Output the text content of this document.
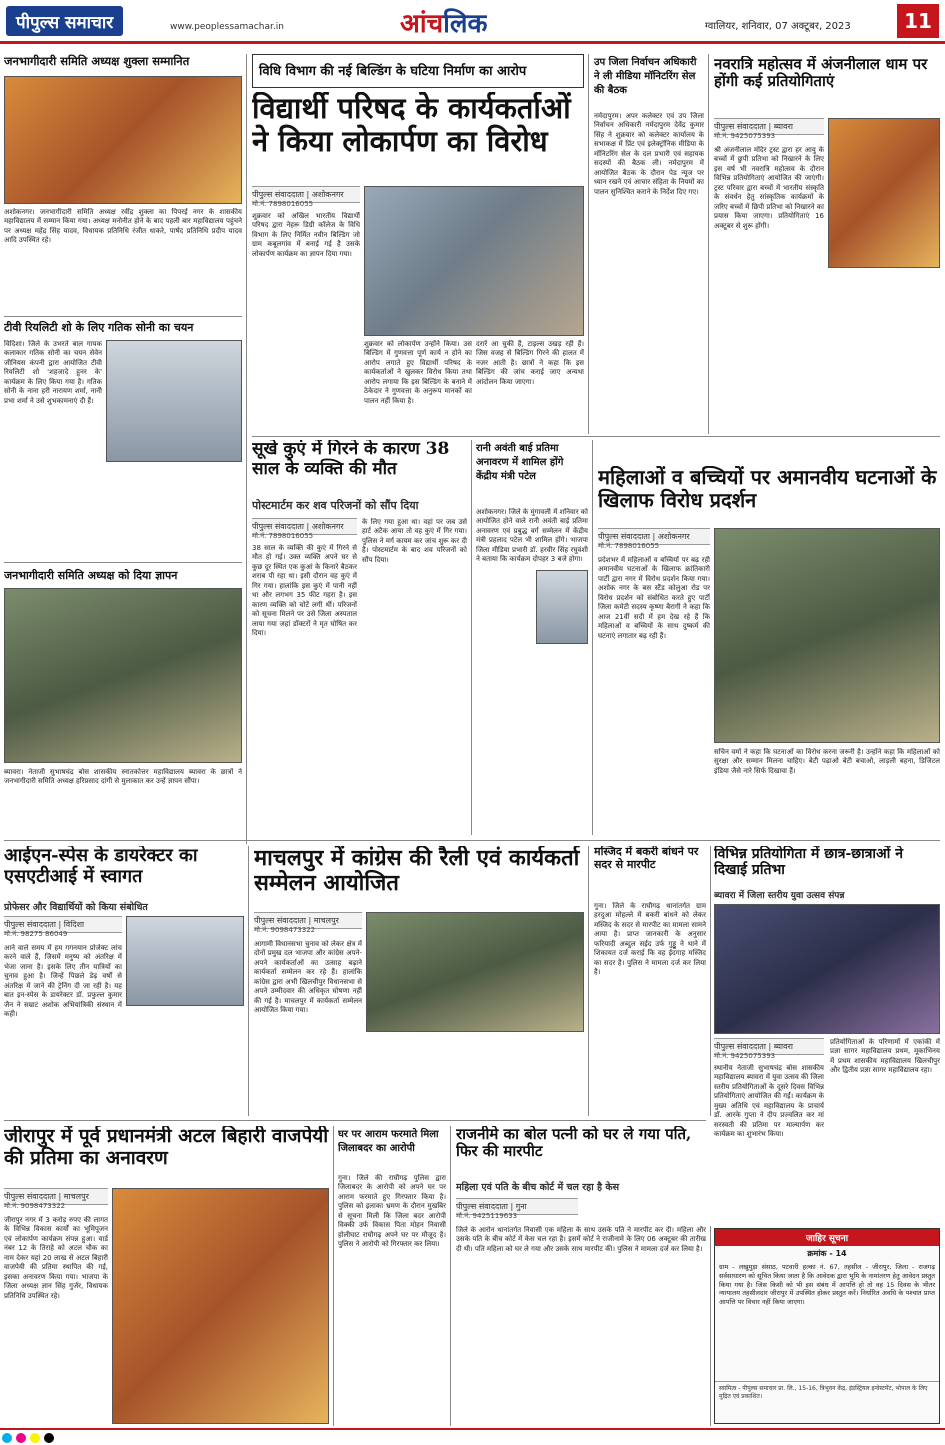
पीपुल्स समाचार	www.peoplessamachar.in	आंचलिक	ग्वालियर, शनिवार, 07 अक्टूबर, 2023	11
जनभागीदारी समिति अध्यक्ष शुक्ला सम्मानित
अशोकनगर। जनभागीदारी समिति अध्यक्ष रवींद्र शुक्ला का पिपरई नगर के शासकीय महाविद्यालय में सम्मान किया गया। अध्यक्ष मनोनीत होने के बाद पहली बार महाविद्यालय पहुंचने पर अध्यक्ष महेंद्र सिंह यादव, विधायक प्रतिनिधि रंजीत धाकरे, पार्षद प्रतिनिधि प्रदीप यादव आदि उपस्थित रहे।
टीवी रियलिटी शो के लिए गतिक सोनी का चयन
विदिशा। जिले के उभरते बाल गायक कलाकार गतिक सोनी का चयन सेवेन जीनियस कंपनी द्वारा आयोजित टीवी रियलिटी शो 'शहजादे हुनर के' कार्यक्रम के लिए किया गया है। गतिक सोनी के नाना हरी नारायण शर्मा, नानी प्रभा शर्मा ने उसे शुभकामनाएं दी हैं।
जनभागीदारी समिति अध्यक्ष को दिया ज्ञापन
ब्यावरा। नेताजी सुभाषचंद्र बोस शासकीय स्नातकोत्तर महाविद्यालय ब्यावरा के छात्रों ने जनभागीदारी समिति अध्यक्ष हरिप्रसाद दांगी से मुलाकात कर उन्हें ज्ञापन सौंपा।
विधि विभाग की नई बिल्डिंग के घटिया निर्माण का आरोप
विद्यार्थी परिषद के कार्यकर्ताओं ने किया लोकार्पण का विरोध
पीपुल्स संवाददाता | अशोकनगर
मो.नं. 7898016055
शुक्रवार को अखिल भारतीय विद्यार्थी परिषद द्वारा नेहरू डिग्री कॉलेज के विधि विभाग के लिए निर्मित नवीन बिल्डिंग जो ग्राम कबूलगांव में बनाई गई है उसके लोकार्पण कार्यक्रम का ज्ञापन दिया गया।
शुक्रवार को लोकार्पण उन्होंने किया। उस बिल्डिंग में गुणवत्ता पूर्ण कार्य न होने का आरोप लगाते हुए विद्यार्थी परिषद के कार्यकर्ताओं ने खुलकर विरोध किया तथा आरोप लगाया कि इस बिल्डिंग के बनाने में ठेकेदार ने गुणवत्ता के अनुरूप मानकों का पालन नहीं किया है।
दरारें आ चुकी हैं, टाइल्स उखड़ रही हैं। जिस वजह से बिल्डिंग गिरने की हालत में नजर आती है। छात्रों ने कहा कि इस बिल्डिंग की जांच कराई जाए अन्यथा आंदोलन किया जाएगा।
उप जिला निर्वाचन अधिकारी ने ली मीडिया मॉनिटरिंग सेल की बैठक
नर्मदापुरम। अपर कलेक्टर एवं उप जिला निर्वाचन अधिकारी नर्मदापुरम देवेंद्र कुमार सिंह ने शुक्रवार को कलेक्टर कार्यालय के सभाकक्ष में प्रिंट एवं इलेक्ट्रॉनिक मीडिया के मॉनिटरिंग सेल के दल प्रभारी एवं सहायक सदस्यों की बैठक ली। नर्मदापुरम में आयोजित बैठक के दौरान पेड न्यूज पर ध्यान रखने एवं आचार संहिता के नियमों का पालन सुनिश्चित कराने के निर्देश दिए गए।
नवरात्रि महोत्सव में अंजनीलाल धाम पर होंगी कई प्रतियोगिताएं
पीपुल्स संवाददाता | ब्यावरा
मो.नं. 9425075393
श्री अंजनीलाल मंदिर ट्रस्ट द्वारा हर आयु के बच्चों में छुपी प्रतिभा को निखारने के लिए इस वर्ष भी नवरात्रि महोत्सव के दौरान विभिन्न प्रतियोगिताएं आयोजित की जाएंगी। ट्रस्ट परिवार द्वारा बच्चों में भारतीय संस्कृति के संवर्धन हेतु सांस्कृतिक कार्यक्रमों के जरिए बच्चों में छिपी प्रतिभा को निखारने का प्रयास किया जाएगा। प्रतियोगिताएं 16 अक्टूबर से शुरू होंगी।
सूखे कुएं में गिरने के कारण 38 साल के व्यक्ति की मौत
पोस्टमार्टम कर शव परिजनों को सौंप दिया
पीपुल्स संवाददाता | अशोकनगर
मो.नं. 7898016055
38 साल के व्यक्ति की कुएं में गिरने से मौत हो गई। उक्त व्यक्ति अपने घर से कुछ दूर स्थित एक कुआं के किनारे बैठकर शराब पी रहा था। इसी दौरान वह कुएं में गिर गया। हालांकि इस कुएं में पानी नहीं था और लगभग 35 फीट गहरा है। इस कारण व्यक्ति को चोटें लगी थीं। परिजनों को सूचना मिलने पर उसे जिला अस्पताल लाया गया जहां डॉक्टरों ने मृत घोषित कर दिया।
के लिए गया हुआ था। वहां पर जब उसे हार्ट अटैक आया तो वह कुएं में गिर गया। पुलिस ने मर्ग कायम कर जांच शुरू कर दी है। पोस्टमार्टम के बाद शव परिजनों को सौंप दिया।
रानी अवंती बाई प्रतिमा अनावरण में शामिल होंगे केंद्रीय मंत्री पटेल
अशोकनगर। जिले के मुंगावली में शनिवार को आयोजित होने वाले रानी अवंती बाई प्रतिमा अनावरण एवं प्रबुद्ध वर्ग सम्मेलन में केंद्रीय मंत्री प्रहलाद पटेल भी शामिल होंगे। भाजपा जिला मीडिया प्रभारी डॉ. हरवीर सिंह रघुवंशी ने बताया कि कार्यक्रम दोपहर 3 बजे होगा।
महिलाओं व बच्चियों पर अमानवीय घटनाओं के खिलाफ विरोध प्रदर्शन
पीपुल्स संवाददाता | अशोकनगर
मो.नं. 7898016055
प्रदेशभर में महिलाओं व बच्चियों पर बढ़ रही अमानवीय घटनाओं के खिलाफ क्रांतिकारी पार्टी द्वारा नगर में विरोध प्रदर्शन किया गया। अशोक नगर के बस स्टैंड कोलुआ रोड पर विरोध प्रदर्शन को संबोधित करते हुए पार्टी जिला कमेटी सदस्य कृष्णा बैरागी ने कहा कि आज 21वीं सदी में हम देख रहे हैं कि महिलाओं व बच्चियों के साथ दुष्कर्म की घटनाएं लगातार बढ़ रही हैं।
सचिन वर्मा ने कहा कि घटनाओं का विरोध करना जरूरी है। उन्होंने कहा कि महिलाओं को सुरक्षा और सम्मान मिलना चाहिए। बेटी पढ़ाओ बेटी बचाओ, लाड़ली बहना, डिजिटल इंडिया जैसे नारे सिर्फ दिखावा हैं।
आईएन-स्पेस के डायरेक्टर का एसएटीआई में स्वागत
प्रोफेसर और विद्यार्थियों को किया संबोधित
पीपुल्स संवाददाता | विदिशा
मो.नं. 98275 86049
आने वाले समय में हम गगनयान प्रोजेक्ट लांच करने वाले हैं, जिसमें मनुष्य को अंतरिक्ष में भेजा जाना है। इसके लिए तीन यात्रियों का चुनाव हुआ है। जिन्हें पिछले डेढ़ वर्षों से अंतरिक्ष में जाने की ट्रेनिंग दी जा रही है। यह बात इन-स्पेस के डायरेक्टर डॉ. प्रफुल्ल कुमार जैन ने सम्राट अशोक अभियांत्रिकी संस्थान में कही।
माचलपुर में कांग्रेस की रैली एवं कार्यकर्ता सम्मेलन आयोजित
पीपुल्स संवाददाता | माचलपुर
मो.नं. 9098473322
आगामी विधानसभा चुनाव को लेकर क्षेत्र में दोनों प्रमुख दल भाजपा और कांग्रेस अपने-अपने कार्यकर्ताओं का उत्साह बढ़ाने कार्यकर्ता सम्मेलन कर रहे हैं। हालांकि कांग्रेस द्वारा अभी खिलचीपुर विधानसभा से अपने उम्मीदवार की अधिकृत घोषणा नहीं की गई है। माचलपुर में कार्यकर्ता सम्मेलन आयोजित किया गया।
मस्जिद में बकरी बांधने पर सदर से मारपीट
गुना। जिले के राघौगढ़ थानांतर्गत ग्राम हरदुआ मोहल्ले में बकरी बांधने को लेकर मस्जिद के सदर से मारपीट का मामला सामने आया है। प्राप्त जानकारी के अनुसार फरियादी अब्दुल सईद उर्फ गुड्डू ने थाने में शिकायत दर्ज कराई कि वह ईदगाह मस्जिद का सदर है। पुलिस ने मामला दर्ज कर लिया है।
विभिन्न प्रतियोगिता में छात्र-छात्राओं ने दिखाई प्रतिभा
ब्यावरा में जिला स्तरीय युवा उत्सव संपन्न
पीपुल्स संवाददाता | ब्यावरा
मो.नं. 9425075393
स्थानीय नेताजी सुभाषचंद्र बोस शासकीय महाविद्यालय ब्यावरा में युवा उत्सव की जिला स्तरीय प्रतियोगिताओं के दूसरे दिवस विभिन्न प्रतियोगिताएं आयोजित की गईं। कार्यक्रम के मुख्य अतिथि एवं महाविद्यालय के प्राचार्य डॉ. आरके गुप्ता ने दीप प्रज्वलित कर मां सरस्वती की प्रतिमा पर माल्यार्पण कर कार्यक्रम का शुभारंभ किया।
प्रतियोगिताओं के परिणामों में एकांकी में प्रज्ञा सागर महाविद्यालय प्रथम, मूकाभिनय में प्रथम शासकीय महाविद्यालय खिलचीपुर और द्वितीय प्रज्ञा सागर महाविद्यालय रहा।
जीरापुर में पूर्व प्रधानमंत्री अटल बिहारी वाजपेयी की प्रतिमा का अनावरण
पीपुल्स संवाददाता | माचलपुर
मो.नं. 9098473322
जीरापुर नगर में 3 करोड़ रुपए की लागत के विभिन्न विकास कार्यों का भूमिपूजन एवं लोकार्पण कार्यक्रम संपन्न हुआ। वार्ड नंबर 12 के तिराहे को अटल चौक का नाम देकर यहां 20 लाख से अटल बिहारी वाजपेयी की प्रतिमा स्थापित की गई, इसका अनावरण किया गया। भाजपा के जिला अध्यक्ष ज्ञान सिंह गुर्जर, विधायक प्रतिनिधि उपस्थित रहे।
घर पर आराम फरमाते मिला जिलाबदर का आरोपी
गुना। जिले की राघौगढ़ पुलिस द्वारा जिलाबदर के आरोपी को अपने घर पर आराम फरमाते हुए गिरफ्तार किया है। पुलिस को इलाका भ्रमण के दौरान मुखबिर से सूचना मिली कि जिला बदर आरोपी विक्की उर्फ विकास पिता मोहन निवासी होलीघाट राघौगढ़ अपने घर पर मौजूद है। पुलिस ने आरोपी को गिरफ्तार कर लिया।
राजनीमे का बोल पत्नी को घर ले गया पति, फिर की मारपीट
महिला एवं पति के बीच कोर्ट में चल रहा है केस
पीपुल्स संवाददाता | गुना
मो.नं. 9425119633
जिले के आरोन थानांतर्गत निवासी एक महिला के साथ उसके पति ने मारपीट कर दी। महिला और उसके पति के बीच कोर्ट में केस चल रहा है। इसमें कोर्ट ने राजीनामे के लिए 06 अक्टूबर की तारीख दी थी। पति महिला को घर ले गया और उसके साथ मारपीट की। पुलिस ने मामला दर्ज कर लिया है।
जाहिर सूचना
क्रमांक - 14
ग्राम - लखुमुड़ा संसाठ, पटवारी हल्का नं. 67, तहसील - जीरापुर, जिला - राजगढ़ सर्वसाधारण को सूचित किया जाता है कि आवेदक द्वारा भूमि के नामांतरण हेतु आवेदन प्रस्तुत किया गया है। जिस किसी को भी इस संबंध में आपत्ति हो तो वह 15 दिवस के भीतर न्यायालय तहसीलदार जीरापुर में उपस्थित होकर प्रस्तुत करें। निर्धारित अवधि के पश्चात प्राप्त आपत्ति पर विचार नहीं किया जाएगा।
स्वामित्व - पीपुल्स समाचार प्रा. लि., 15-16, त्रिभुवन केंद्र, इंडस्ट्रियल इन्वेस्टमेंट, भोपाल के लिए मुद्रित एवं प्रकाशित।
